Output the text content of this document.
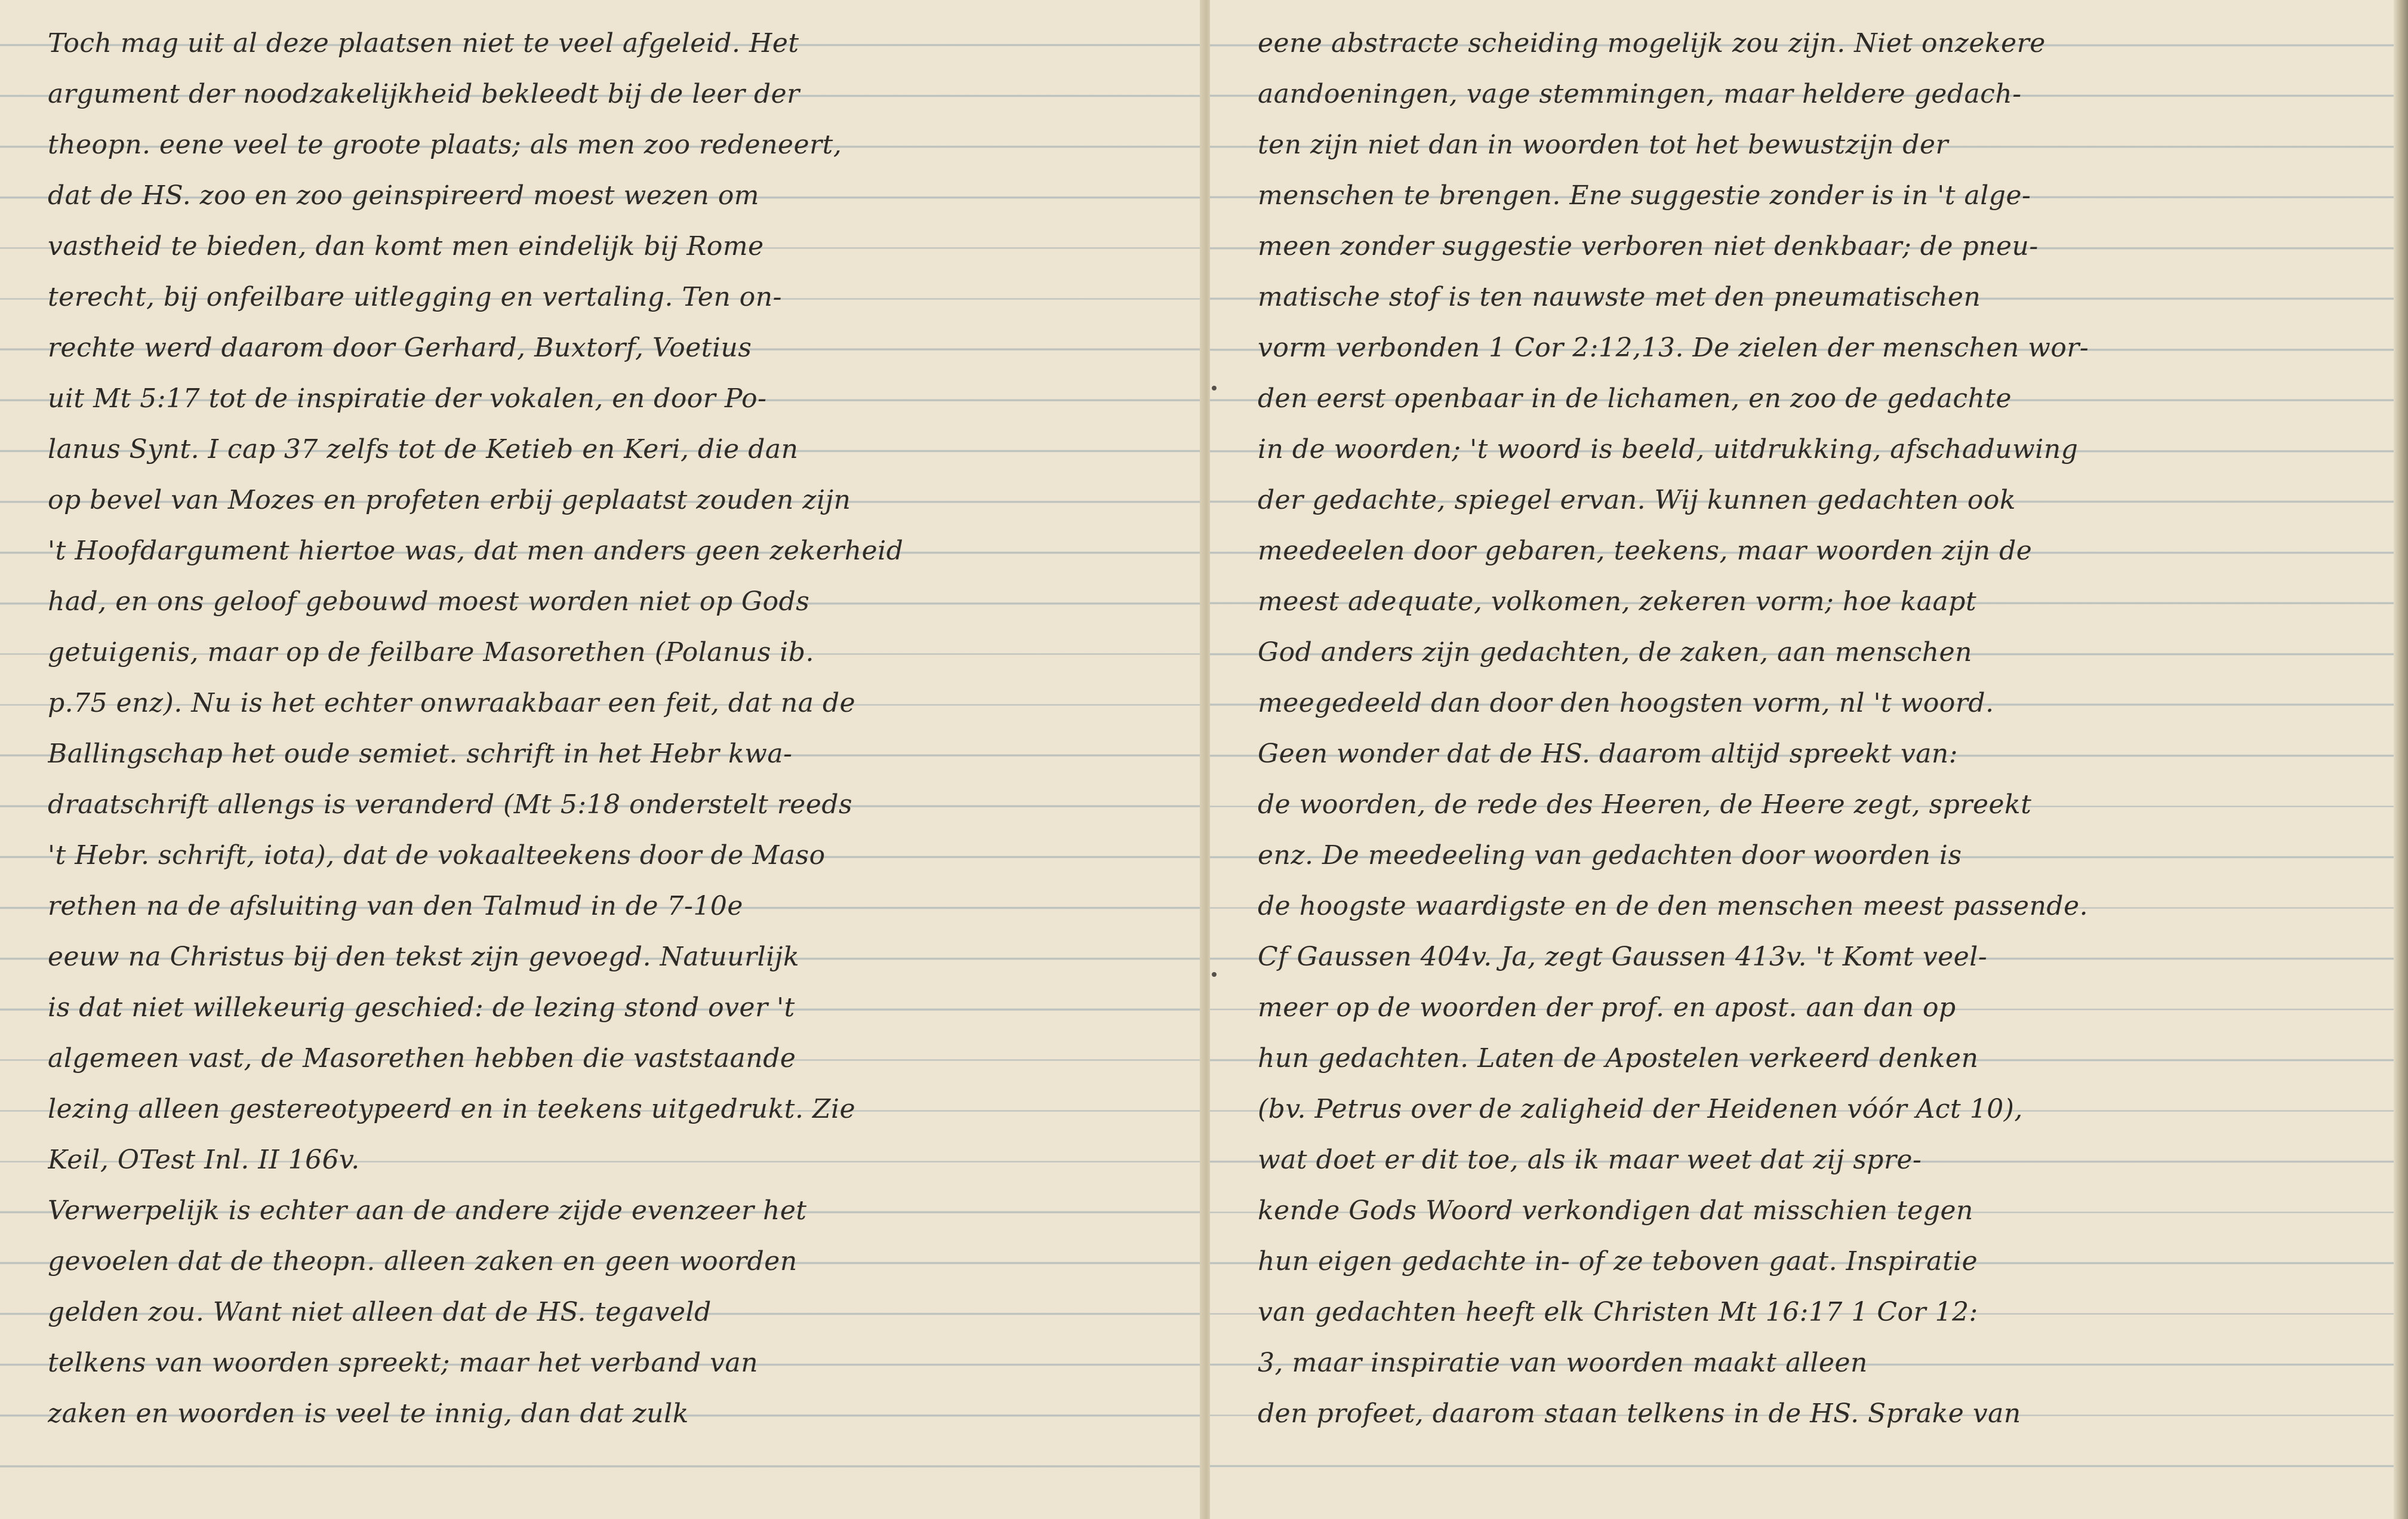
Toch mag uit al deze plaatsen niet te veel afgeleid. Het
argument der noodzakelijkheid bekleedt bij de leer der
theopn. eene veel te groote plaats; als men zoo redeneert,
dat de HS. zoo en zoo geinspireerd moest wezen om
vastheid te bieden, dan komt men eindelijk bij Rome
terecht, bij onfeilbare uitlegging en vertaling. Ten on-
rechte werd daarom door Gerhard, Buxtorf, Voetius
uit Mt 5:17 tot de inspiratie der vokalen, en door Po-
lanus Synt. I cap 37 zelfs tot de Ketieb en Keri, die dan
op bevel van Mozes en profeten erbij geplaatst zouden zijn
't Hoofdargument hiertoe was, dat men anders geen zekerheid
had, en ons geloof gebouwd moest worden niet op Gods
getuigenis, maar op de feilbare Masorethen (Polanus ib.
p.75 enz). Nu is het echter onwraakbaar een feit, dat na de
Ballingschap het oude semiet. schrift in het Hebr kwa-
draatschrift allengs is veranderd (Mt 5:18 onderstelt reeds
't Hebr. schrift, iota), dat de vokaalteekens door de Maso
rethen na de afsluiting van den Talmud in de 7-10e
eeuw na Christus bij den tekst zijn gevoegd. Natuurlijk
is dat niet willekeurig geschied: de lezing stond over 't
algemeen vast, de Masorethen hebben die vaststaande
lezing alleen gestereotypeerd en in teekens uitgedrukt. Zie
Keil, OTest Inl. II 166v.
Verwerpelijk is echter aan de andere zijde evenzeer het
gevoelen dat de theopn. alleen zaken en geen woorden
gelden zou. Want niet alleen dat de HS. tegaveld
telkens van woorden spreekt; maar het verband van
zaken en woorden is veel te innig, dan dat zulk
eene abstracte scheiding mogelijk zou zijn. Niet onzekere
aandoeningen, vage stemmingen, maar heldere gedach-
ten zijn niet dan in woorden tot het bewustzijn der
menschen te brengen. Ene suggestie zonder is in 't alge-
meen zonder suggestie verboren niet denkbaar; de pneu-
matische stof is ten nauwste met den pneumatischen
vorm verbonden 1 Cor 2:12,13. De zielen der menschen wor-
den eerst openbaar in de lichamen, en zoo de gedachte
in de woorden; 't woord is beeld, uitdrukking, afschaduwing
der gedachte, spiegel ervan. Wij kunnen gedachten ook
meedeelen door gebaren, teekens, maar woorden zijn de
meest adequate, volkomen, zekeren vorm; hoe kaapt
God anders zijn gedachten, de zaken, aan menschen
meegedeeld dan door den hoogsten vorm, nl 't woord.
Geen wonder dat de HS. daarom altijd spreekt van:
de woorden, de rede des Heeren, de Heere zegt, spreekt
enz. De meedeeling van gedachten door woorden is
de hoogste waardigste en de den menschen meest passende.
Cf Gaussen 404v. Ja, zegt Gaussen 413v. 't Komt veel-
meer op de woorden der prof. en apost. aan dan op
hun gedachten. Laten de Apostelen verkeerd denken
(bv. Petrus over de zaligheid der Heidenen vóór Act 10),
wat doet er dit toe, als ik maar weet dat zij spre-
kende Gods Woord verkondigen dat misschien tegen
hun eigen gedachte in- of ze teboven gaat. Inspiratie
van gedachten heeft elk Christen Mt 16:17 1 Cor 12:
3, maar inspiratie van woorden maakt alleen
den profeet, daarom staan telkens in de HS. Sprake van
